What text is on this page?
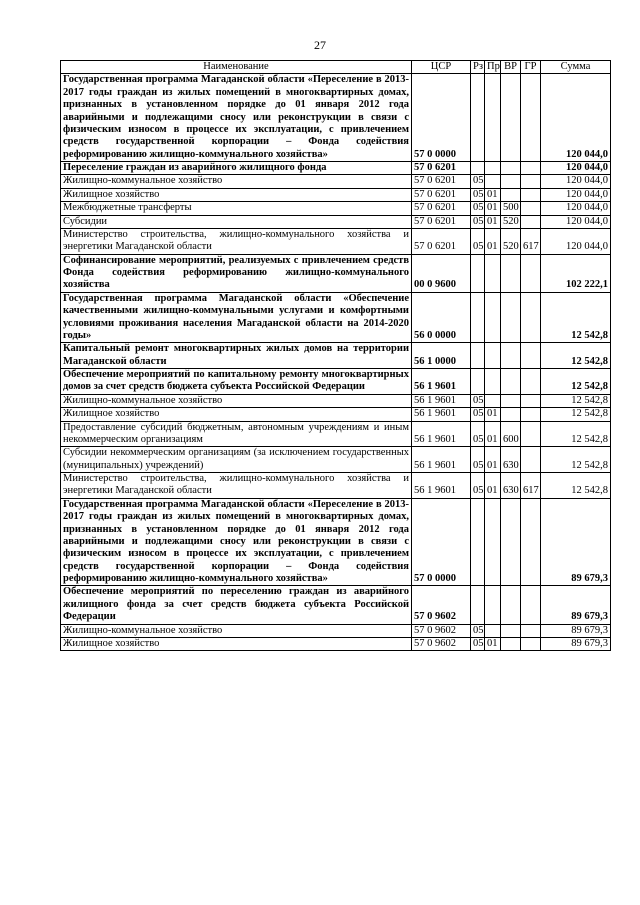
27
Наименование	ЦСР	Рз	Пр	ВР	ГР	Сумма
Государственная программа Магаданской области «Переселение в 2013-2017 годы граждан из жилых помещений в многоквартирных домах, признанных в установленном порядке до 01 января 2012 года аварийными и подлежащими сносу или реконструкции в связи с физическим износом в процессе их эксплуатации, с привлечением средств государственной корпорации – Фонда содействия реформированию жилищно-коммунального хозяйства»	57 0 0000					120 044,0
Переселение граждан из аварийного жилищного фонда	57 0 6201					120 044,0
Жилищно-коммунальное хозяйство	57 0 6201	05				120 044,0
Жилищное хозяйство	57 0 6201	05	01			120 044,0
Межбюджетные трансферты	57 0 6201	05	01	500		120 044,0
Субсидии	57 0 6201	05	01	520		120 044,0
Министерство строительства, жилищно-коммунального хозяйства и энергетики Магаданской области	57 0 6201	05	01	520	617	120 044,0
Софинансирование мероприятий, реализуемых с привлечением средств Фонда содействия реформированию жилищно-коммунального хозяйства	00 0 9600					102 222,1
Государственная программа Магаданской области «Обеспечение качественными жилищно-коммунальными услугами и комфортными условиями проживания населения Магаданской области на 2014-2020 годы»	56 0 0000					12 542,8
Капитальный ремонт многоквартирных жилых домов на территории Магаданской области	56 1 0000					12 542,8
Обеспечение мероприятий по капитальному ремонту многоквартирных домов за счет средств бюджета субъекта Российской Федерации	56 1 9601					12 542,8
Жилищно-коммунальное хозяйство	56 1 9601	05				12 542,8
Жилищное хозяйство	56 1 9601	05	01			12 542,8
Предоставление субсидий бюджетным, автономным учреждениям и иным некоммерческим организациям	56 1 9601	05	01	600		12 542,8
Субсидии некоммерческим организациям (за исключением государственных (муниципальных) учреждений)	56 1 9601	05	01	630		12 542,8
Министерство строительства, жилищно-коммунального хозяйства и энергетики Магаданской области	56 1 9601	05	01	630	617	12 542,8
Государственная программа Магаданской области «Переселение в 2013-2017 годы граждан из жилых помещений в многоквартирных домах, признанных в установленном порядке до 01 января 2012 года аварийными и подлежащими сносу или реконструкции в связи с физическим износом в процессе их эксплуатации, с привлечением средств государственной корпорации – Фонда содействия реформированию жилищно-коммунального хозяйства»	57 0 0000					89 679,3
Обеспечение мероприятий по переселению граждан из аварийного жилищного фонда за счет средств бюджета субъекта Российской Федерации	57 0 9602					89 679,3
Жилищно-коммунальное хозяйство	57 0 9602	05				89 679,3
Жилищное хозяйство	57 0 9602	05	01			89 679,3
